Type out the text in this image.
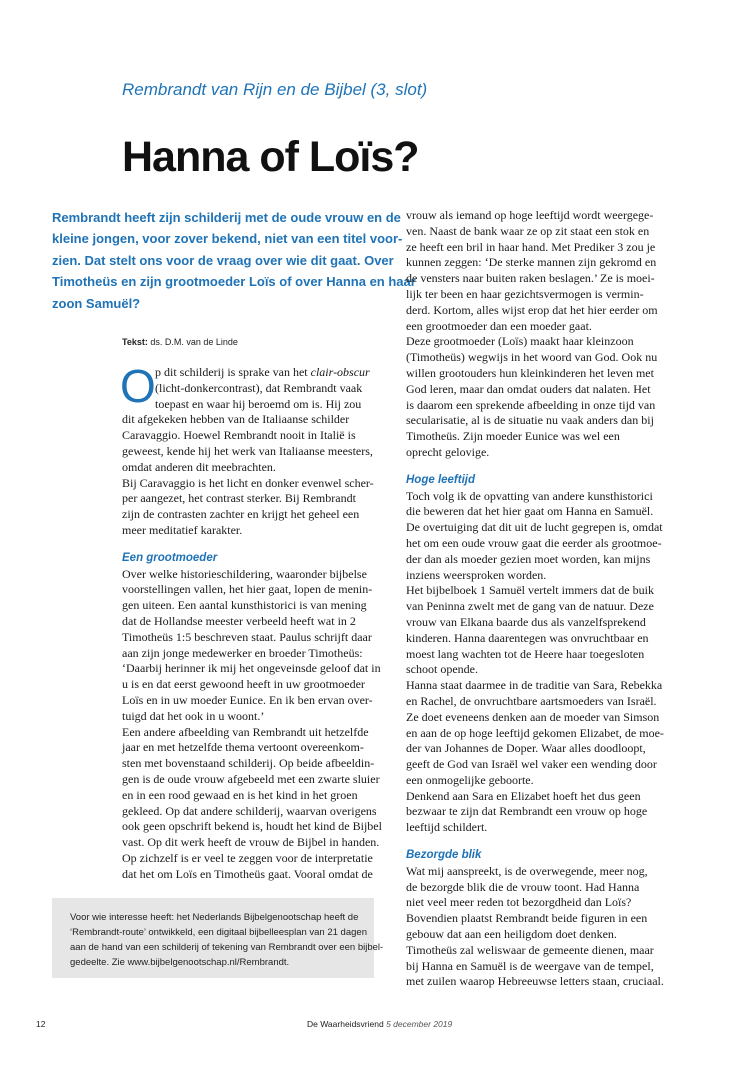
Rembrandt van Rijn en de Bijbel (3, slot)
Hanna of Loïs?
Rembrandt heeft zijn schilderij met de oude vrouw en de
kleine jongen, voor zover bekend, niet van een titel voor-
zien. Dat stelt ons voor de vraag over wie dit gaat. Over
Timotheüs en zijn grootmoeder Loïs of over Hanna en haar
zoon Samuël?
Tekst: ds. D.M. van de Linde
O p dit schilderij is sprake van het clair-obscur
(licht-donkercontrast), dat Rembrandt vaak
toepast en waar hij beroemd om is. Hij zou
dit afgekeken hebben van de Italiaanse schilder
Caravaggio. Hoewel Rembrandt nooit in Italië is
geweest, kende hij het werk van Italiaanse meesters,
omdat anderen dit meebrachten.
Bij Caravaggio is het licht en donker evenwel scher-
per aangezet, het contrast sterker. Bij Rembrandt
zijn de contrasten zachter en krijgt het geheel een
meer meditatief karakter.
Een grootmoeder
Over welke historieschildering, waaronder bijbelse
voorstellingen vallen, het hier gaat, lopen de menin-
gen uiteen. Een aantal kunsthistorici is van mening
dat de Hollandse meester verbeeld heeft wat in 2
Timotheüs 1:5 beschreven staat. Paulus schrijft daar
aan zijn jonge medewerker en broeder Timotheüs:
‘Daarbij herinner ik mij het ongeveinsde geloof dat in
u is en dat eerst gewoond heeft in uw grootmoeder
Loïs en in uw moeder Eunice. En ik ben ervan over-
tuigd dat het ook in u woont.’
Een andere afbeelding van Rembrandt uit hetzelfde
jaar en met hetzelfde thema vertoont overeenkom-
sten met bovenstaand schilderij. Op beide afbeeldin-
gen is de oude vrouw afgebeeld met een zwarte sluier
en in een rood gewaad en is het kind in het groen
gekleed. Op dat andere schilderij, waarvan overigens
ook geen opschrift bekend is, houdt het kind de Bijbel
vast. Op dit werk heeft de vrouw de Bijbel in handen.
Op zichzelf is er veel te zeggen voor de interpretatie
dat het om Loïs en Timotheüs gaat. Vooral omdat de
vrouw als iemand op hoge leeftijd wordt weergege-
ven. Naast de bank waar ze op zit staat een stok en
ze heeft een bril in haar hand. Met Prediker 3 zou je
kunnen zeggen: ‘De sterke mannen zijn gekromd en
de vensters naar buiten raken beslagen.’ Ze is moei-
lijk ter been en haar gezichtsvermogen is vermin-
derd. Kortom, alles wijst erop dat het hier eerder om
een grootmoeder dan een moeder gaat.
Deze grootmoeder (Loïs) maakt haar kleinzoon
(Timotheüs) wegwijs in het woord van God. Ook nu
willen grootouders hun kleinkinderen het leven met
God leren, maar dan omdat ouders dat nalaten. Het
is daarom een sprekende afbeelding in onze tijd van
secularisatie, al is de situatie nu vaak anders dan bij
Timotheüs. Zijn moeder Eunice was wel een
oprecht gelovige.
Hoge leeftijd
Toch volg ik de opvatting van andere kunsthistorici
die beweren dat het hier gaat om Hanna en Samuël.
De overtuiging dat dit uit de lucht gegrepen is, omdat
het om een oude vrouw gaat die eerder als grootmoe-
der dan als moeder gezien moet worden, kan mijns
inziens weersproken worden.
Het bijbelboek 1 Samuël vertelt immers dat de buik
van Peninna zwelt met de gang van de natuur. Deze
vrouw van Elkana baarde dus als vanzelfsprekend
kinderen. Hanna daarentegen was onvruchtbaar en
moest lang wachten tot de Heere haar toegesloten
schoot opende.
Hanna staat daarmee in de traditie van Sara, Rebekka
en Rachel, de onvruchtbare aartsmoeders van Israël.
Ze doet eveneens denken aan de moeder van Simson
en aan de op hoge leeftijd gekomen Elizabet, de moe-
der van Johannes de Doper. Waar alles doodloopt,
geeft de God van Israël wel vaker een wending door
een onmogelijke geboorte.
Denkend aan Sara en Elizabet hoeft het dus geen
bezwaar te zijn dat Rembrandt een vrouw op hoge
leeftijd schildert.
Bezorgde blik
Wat mij aanspreekt, is de overwegende, meer nog,
de bezorgde blik die de vrouw toont. Had Hanna
niet veel meer reden tot bezorgdheid dan Loïs?
Bovendien plaatst Rembrandt beide figuren in een
gebouw dat aan een heiligdom doet denken.
Timotheüs zal weliswaar de gemeente dienen, maar
bij Hanna en Samuël is de weergave van de tempel,
met zuilen waarop Hebreeuwse letters staan, cruciaal.
Voor wie interesse heeft: het Nederlands Bijbelgenootschap heeft de
‘Rembrandt-route’ ontwikkeld, een digitaal bijbelleesplan van 21 dagen
aan de hand van een schilderij of tekening van Rembrandt over een bijbel-
gedeelte. Zie www.bijbelgenootschap.nl/Rembrandt.
12	De Waarheidsvriend 5 december 2019
